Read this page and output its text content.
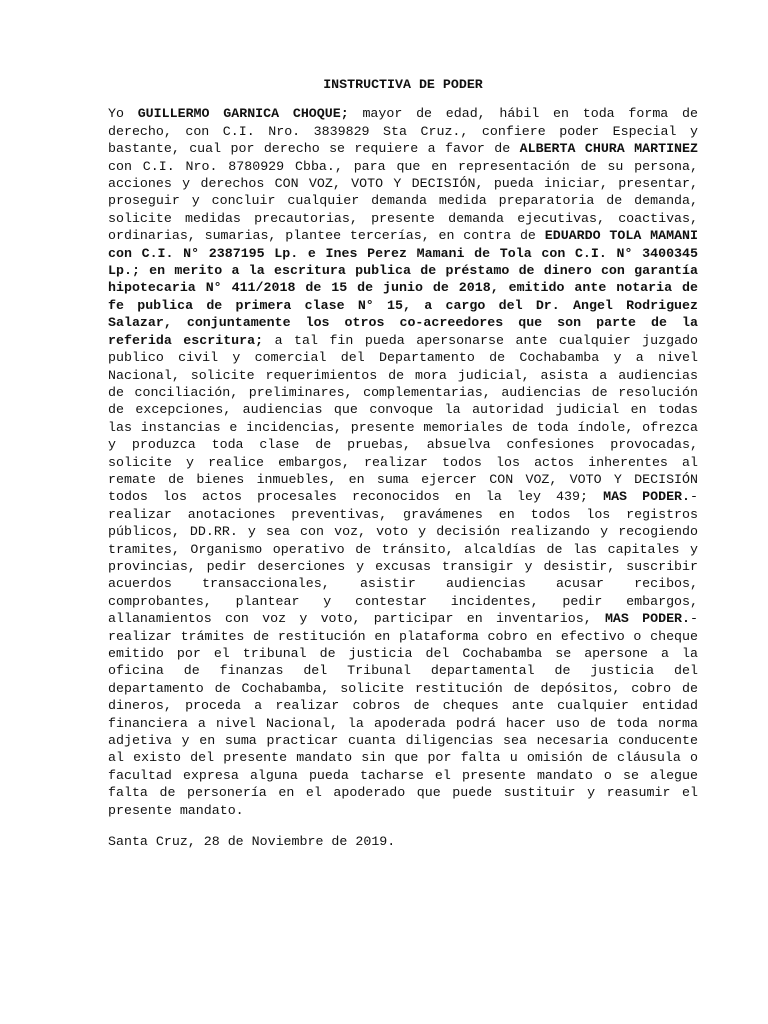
INSTRUCTIVA DE PODER

Yo GUILLERMO GARNICA CHOQUE; mayor de edad, hábil en toda forma de derecho, con C.I. Nro. 3839829 Sta Cruz., confiere poder Especial y bastante, cual por derecho se requiere a favor de ALBERTA CHURA MARTINEZ con C.I. Nro. 8780929 Cbba., para que en representación de su persona, acciones y derechos CON VOZ, VOTO Y DECISIÓN, pueda iniciar, presentar, proseguir y concluir cualquier demanda medida preparatoria de demanda, solicite medidas precautorias, presente demanda ejecutivas, coactivas, ordinarias, sumarias, plantee tercerías, en contra de EDUARDO TOLA MAMANI con C.I. N° 2387195 Lp. e Ines Perez Mamani de Tola con C.I. N° 3400345 Lp.; en merito a la escritura publica de préstamo de dinero con garantía hipotecaria N° 411/2018 de 15 de junio de 2018, emitido ante notaria de fe publica de primera clase N° 15, a cargo del Dr. Angel Rodriguez Salazar, conjuntamente los otros co-acreedores que son parte de la referida escritura; a tal fin pueda apersonarse ante cualquier juzgado publico civil y comercial del Departamento de Cochabamba y a nivel Nacional, solicite requerimientos de mora judicial, asista a audiencias de conciliación, preliminares, complementarias, audiencias de resolución de excepciones, audiencias que convoque la autoridad judicial en todas las instancias e incidencias, presente memoriales de toda índole, ofrezca y produzca toda clase de pruebas, absuelva confesiones provocadas, solicite y realice embargos, realizar todos los actos inherentes al remate de bienes inmuebles, en suma ejercer CON VOZ, VOTO Y DECISIÓN todos los actos procesales reconocidos en la ley 439; MAS PODER.- realizar anotaciones preventivas, gravámenes en todos los registros públicos, DD.RR. y sea con voz, voto y decisión realizando y recogiendo tramites, Organismo operativo de tránsito, alcaldías de las capitales y provincias, pedir deserciones y excusas transigir y desistir, suscribir acuerdos transaccionales, asistir audiencias acusar recibos, comprobantes, plantear y contestar incidentes, pedir embargos, allanamientos con voz y voto, participar en inventarios, MAS PODER.- realizar trámites de restitución en plataforma cobro en efectivo o cheque emitido por el tribunal de justicia del Cochabamba se apersone a la oficina de finanzas del Tribunal departamental de justicia del departamento de Cochabamba, solicite restitución de depósitos, cobro de dineros, proceda a realizar cobros de cheques ante cualquier entidad financiera a nivel Nacional, la apoderada podrá hacer uso de toda norma adjetiva y en suma practicar cuanta diligencias sea necesaria conducente al existo del presente mandato sin que por falta u omisión de cláusula o facultad expresa alguna pueda tacharse el presente mandato o se alegue falta de personería en el apoderado que puede sustituir y reasumir el presente mandato.

Santa Cruz, 28 de Noviembre de 2019.
